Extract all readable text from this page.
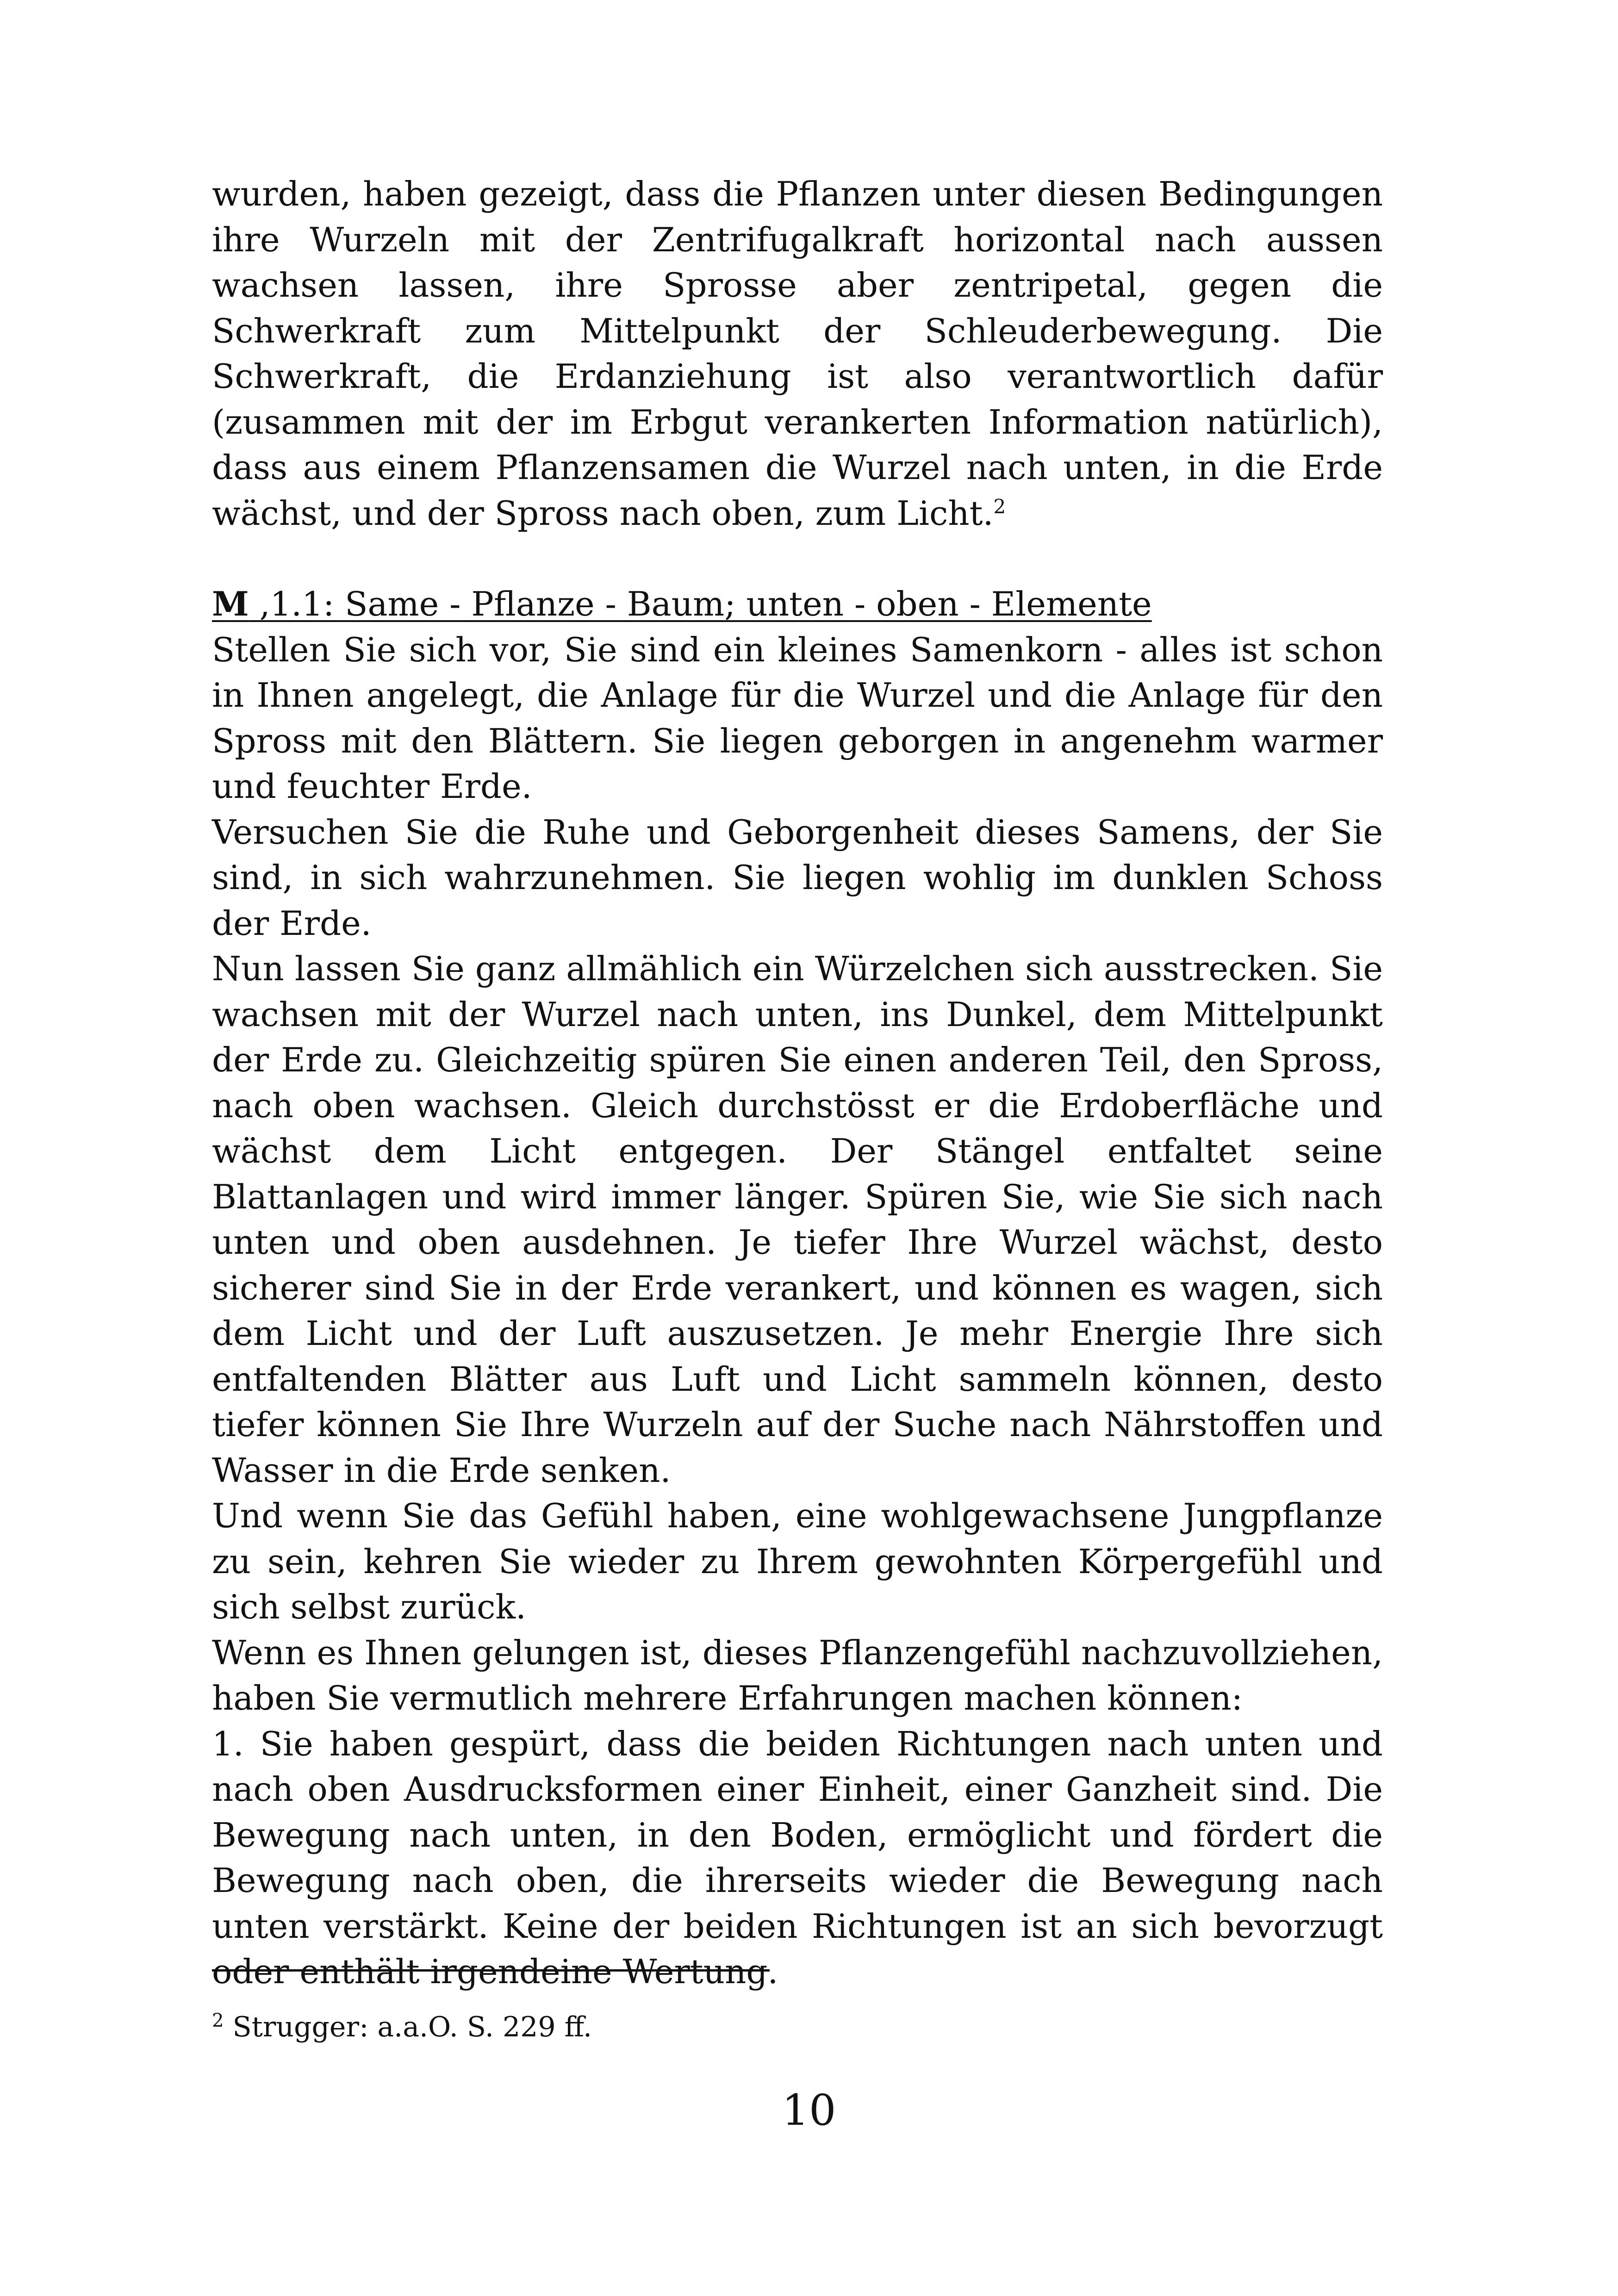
wurden, haben gezeigt, dass die Pflanzen unter diesen Bedingungen ihre Wurzeln mit der Zentrifugalkraft horizontal nach aussen wachsen lassen, ihre Sprosse aber zentripetal, gegen die Schwerkraft zum Mittelpunkt der Schleuderbewegung. Die Schwerkraft, die Erdanziehung ist also verantwortlich dafür (zusammen mit der im Erbgut verankerten Information natürlich), dass aus einem Pflanzensamen die Wurzel nach unten, in die Erde wächst, und der Spross nach oben, zum Licht.$^2$

M ,1.1: Same - Pflanze - Baum; unten - oben - Elemente

Stellen Sie sich vor, Sie sind ein kleines Samenkorn - alles ist schon in Ihnen angelegt, die Anlage für die Wurzel und die Anlage für den Spross mit den Blättern. Sie liegen geborgen in angenehm warmer und feuchter Erde.

Versuchen Sie die Ruhe und Geborgenheit dieses Samens, der Sie sind, in sich wahrzunehmen. Sie liegen wohlig im dunklen Schoss der Erde.

Nun lassen Sie ganz allmählich ein Würzelchen sich ausstrecken. Sie wachsen mit der Wurzel nach unten, ins Dunkel, dem Mittelpunkt der Erde zu. Gleichzeitig spüren Sie einen anderen Teil, den Spross, nach oben wachsen. Gleich durchstösst er die Erdoberfläche und wächst dem Licht entgegen. Der Stängel entfaltet seine Blattanlagen und wird immer länger. Spüren Sie, wie Sie sich nach unten und oben ausdehnen. Je tiefer Ihre Wurzel wächst, desto sicherer sind Sie in der Erde verankert, und können es wagen, sich dem Licht und der Luft auszusetzen. Je mehr Energie Ihre sich entfaltenden Blätter aus Luft und Licht sammeln können, desto tiefer können Sie Ihre Wurzeln auf der Suche nach Nährstoffen und Wasser in die Erde senken.

Und wenn Sie das Gefühl haben, eine wohlgewachsene Jungpflanze zu sein, kehren Sie wieder zu Ihrem gewohnten Körpergefühl und sich selbst zurück.

Wenn es Ihnen gelungen ist, dieses Pflanzengefühl nachzuvollziehen, haben Sie vermutlich mehrere Erfahrungen machen können:

1. Sie haben gespürt, dass die beiden Richtungen nach unten und nach oben Ausdrucksformen einer Einheit, einer Ganzheit sind. Die Bewegung nach unten, in den Boden, ermöglicht und fördert die Bewegung nach oben, die ihrerseits wieder die Bewegung nach unten verstärkt. Keine der beiden Richtungen ist an sich bevorzugt oder enthält irgendeine Wertung.

$^2$ Strugger: a.a.O. S. 229 ff.
10
